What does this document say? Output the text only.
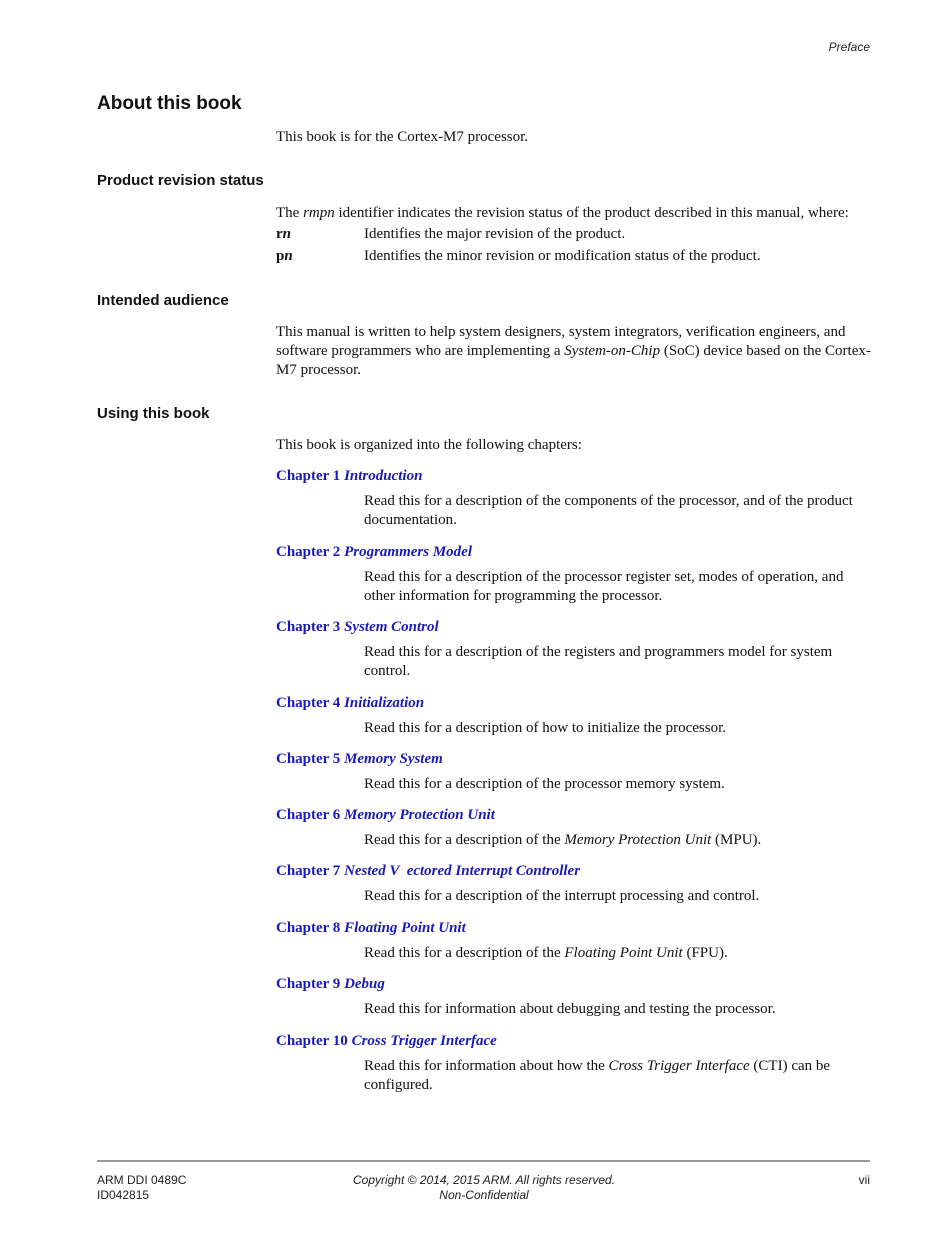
Preface
About this book
This book is for the Cortex-M7 processor.
Product revision status
The rmpn identifier indicates the revision status of the product described in this manual, where:
rn	Identifies the major revision of the product.
pn	Identifies the minor revision or modification status of the product.
Intended audience
This manual is written to help system designers, system integrators, verification engineers, and software programmers who are implementing a System-on-Chip (SoC) device based on the Cortex-M7 processor.
Using this book
This book is organized into the following chapters:
Chapter 1 Introduction
Read this for a description of the components of the processor, and of the product documentation.
Chapter 2 Programmers Model
Read this for a description of the processor register set, modes of operation, and other information for programming the processor.
Chapter 3 System Control
Read this for a description of the registers and programmers model for system control.
Chapter 4 Initialization
Read this for a description of how to initialize the processor.
Chapter 5 Memory System
Read this for a description of the processor memory system.
Chapter 6 Memory Protection Unit
Read this for a description of the Memory Protection Unit (MPU).
Chapter 7 Nested V  ectored Interrupt Controller
Read this for a description of the interrupt processing and control.
Chapter 8 Floating Point Unit
Read this for a description of the Floating Point Unit (FPU).
Chapter 9 Debug
Read this for information about debugging and testing the processor.
Chapter 10 Cross Trigger Interface
Read this for information about how the Cross Trigger Interface (CTI) can be configured.
ARM DDI 0489C
ID042815
Copyright © 2014, 2015 ARM. All rights reserved.
Non-Confidential
vii
